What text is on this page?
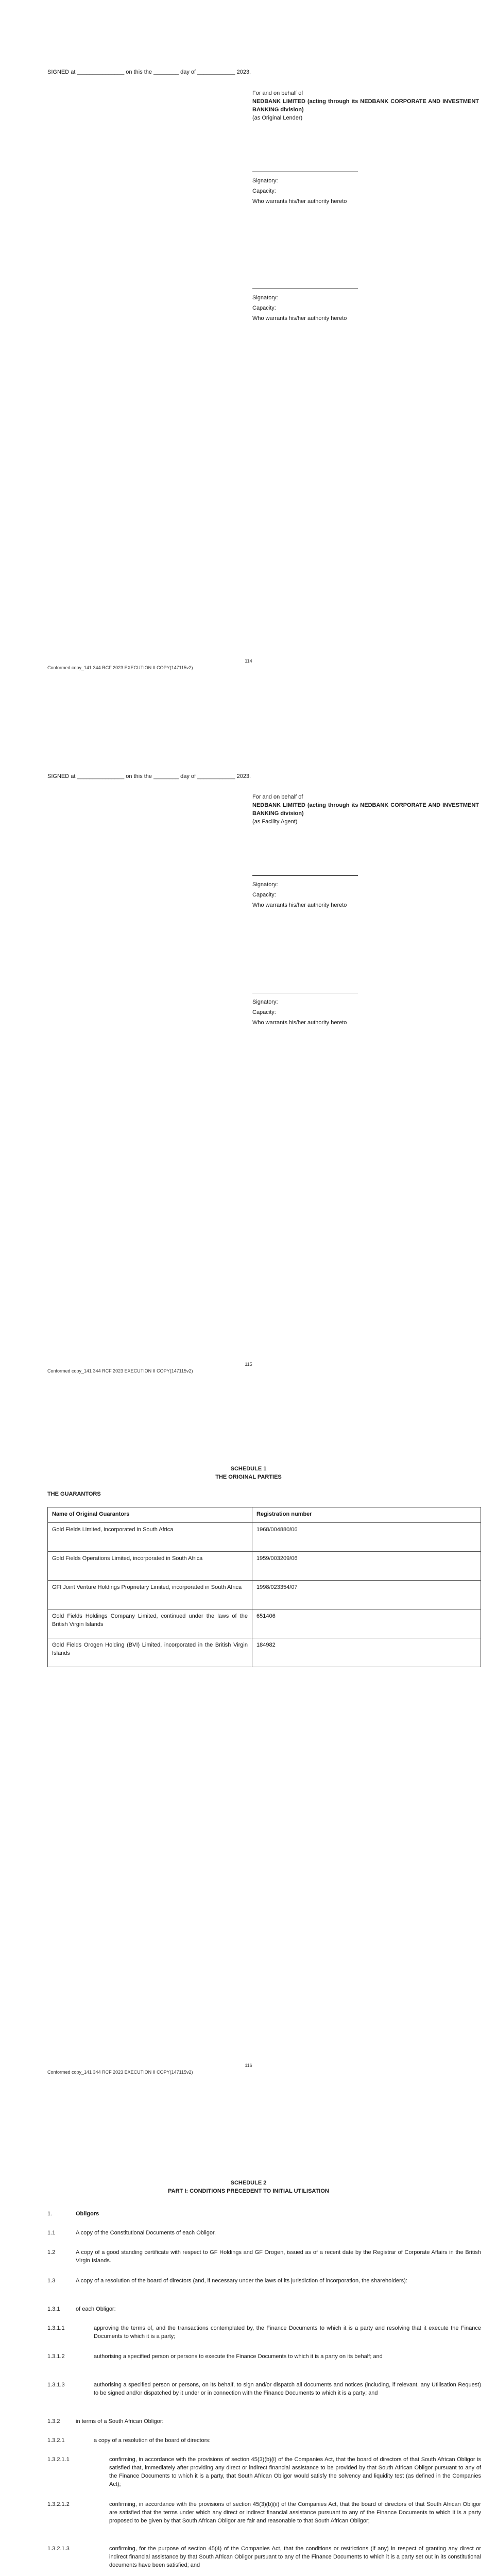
SIGNED at _______________ on this the ________ day of ____________ 2023.

For and on behalf of

NEDBANK LIMITED (acting through its NEDBANK CORPORATE AND INVESTMENT BANKING division)

(as Original Lender)

Signatory:

Capacity:

Who warrants his/her authority hereto

Signatory:

Capacity:

Who warrants his/her authority hereto

114
Conformed copy_141 344 RCF 2023 EXECUTION II COPY(147115v2)
SIGNED at _______________ on this the ________ day of ____________ 2023.

For and on behalf of

NEDBANK LIMITED (acting through its NEDBANK CORPORATE AND INVESTMENT BANKING division)

(as Facility Agent)

Signatory:

Capacity:

Who warrants his/her authority hereto

Signatory:

Capacity:

Who warrants his/her authority hereto

115
Conformed copy_141 344 RCF 2023 EXECUTION II COPY(147115v2)
SCHEDULE 1
THE ORIGINAL PARTIES
THE GUARANTORS
Name of Original Guarantors	Registration number
Gold Fields Limited, incorporated in South Africa	1968/004880/06
Gold Fields Operations Limited, incorporated in South Africa	1959/003209/06
GFI Joint Venture Holdings Proprietary Limited, incorporated in South Africa	1998/023354/07
Gold Fields Holdings Company Limited, continued under the laws of the British Virgin Islands	651406
Gold Fields Orogen Holding (BVI) Limited, incorporated in the British Virgin Islands	184982
116
Conformed copy_141 344 RCF 2023 EXECUTION II COPY(147115v2)
SCHEDULE 2
PART I: CONDITIONS PRECEDENT TO INITIAL UTILISATION
1.	Obligors
1.1	A copy of the Constitutional Documents of each Obligor.
1.2	A copy of a good standing certificate with respect to GF Holdings and GF Orogen, issued as of a recent date by the Registrar of Corporate Affairs in the British Virgin Islands.
1.3	A copy of a resolution of the board of directors (and, if necessary under the laws of its jurisdiction of incorporation, the shareholders):
1.3.1	of each Obligor:
1.3.1.1	approving the terms of, and the transactions contemplated by, the Finance Documents to which it is a party and resolving that it execute the Finance Documents to which it is a party;
1.3.1.2	authorising a specified person or persons to execute the Finance Documents to which it is a party on its behalf; and
1.3.1.3	authorising a specified person or persons, on its behalf, to sign and/or dispatch all documents and notices (including, if relevant, any Utilisation Request) to be signed and/or dispatched by it under or in connection with the Finance Documents to which it is a party; and
1.3.2	in terms of a South African Obligor:
1.3.2.1	a copy of a resolution of the board of directors:
1.3.2.1.1	confirming, in accordance with the provisions of section 45(3)(b)(i) of the Companies Act, that the board of directors of that South African Obligor is satisfied that, immediately after providing any direct or indirect financial assistance to be provided by that South African Obligor pursuant to any of the Finance Documents to which it is a party, that South African Obligor would satisfy the solvency and liquidity test (as defined in the Companies Act);
1.3.2.1.2	confirming, in accordance with the provisions of section 45(3)(b)(ii) of the Companies Act, that the board of directors of that South African Obligor are satisfied that the terms under which any direct or indirect financial assistance pursuant to any of the Finance Documents to which it is a party proposed to be given by that South African Obligor are fair and reasonable to that South African Obligor;
1.3.2.1.3	confirming, for the purpose of section 45(4) of the Companies Act, that the conditions or restrictions (if any) in respect of granting any direct or indirect financial assistance by that South African Obligor pursuant to any of the Finance Documents to which it is a party set out in its constitutional documents have been satisfied; and
